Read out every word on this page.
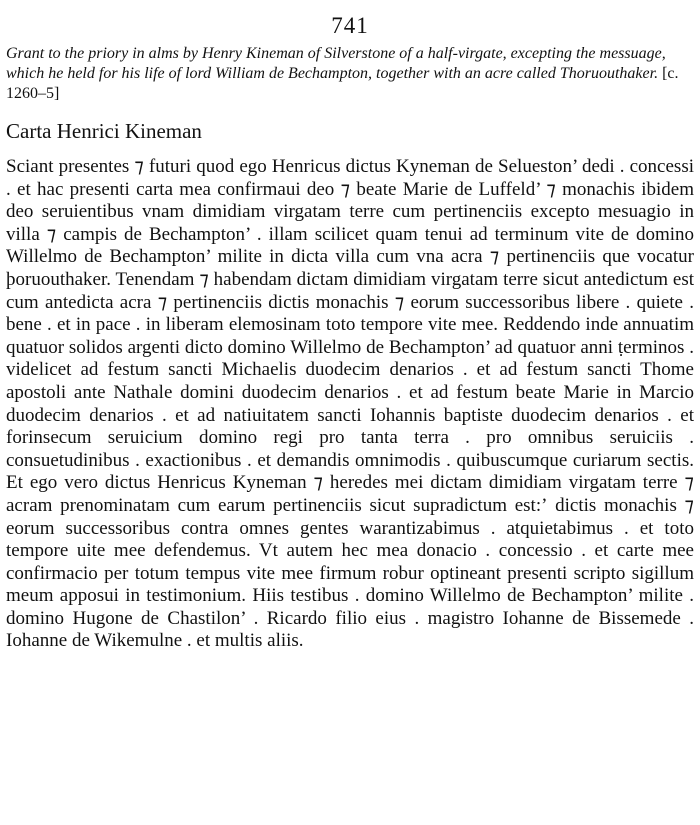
741

Grant to the priory in alms by Henry Kineman of Silverstone of a half-virgate, excepting the messuage, which he held for his life of lord William de Bechampton, together with an acre called Thoruouthaker. [c. 1260–5]

Carta Henrici Kineman

Sciant presentes ⁊ futuri quod ego Henricus dictus Kyneman de Selueston’ dedi . concessi . et hac presenti carta mea confirmaui deo ⁊ beate Marie de Luffeld’ ⁊ monachis ibidem deo seruientibus vnam dimidiam virgatam terre cum pertinenciis excepto mesuagio in villa ⁊ campis de Bechampton’ . illam scilicet quam tenui ad terminum vite de domino Willelmo de Bechampton’ milite in dicta villa cum vna acra ⁊ pertinenciis que vocatur þoruouthaker. Tenendam ⁊ habendam dictam dimidiam virgatam terre sicut antedictum est cum antedicta acra ⁊ pertinenciis dictis monachis ⁊ eorum successoribus libere . quiete . bene . et in pace . in liberam elemosinam toto tempore vite mee. Reddendo inde annuatim quatuor solidos argenti dicto domino Willelmo de Bechampton’ ad quatuor anni ṭerminos . videlicet ad festum sancti Michaelis duodecim denarios . et ad festum sancti Thome apostoli ante Nathale domini duodecim denarios . et ad festum beate Marie in Marcio duodecim denarios . et ad natiuitatem sancti Iohannis baptiste duodecim denarios . et forinsecum seruicium domino regi pro tanta terra . pro omnibus seruiciis . consuetudinibus . exactionibus . et demandis omnimodis . quibuscumque curiarum sectis. Et ego vero dictus Henricus Kyneman ⁊ heredes mei dictam dimidiam virgatam terre ⁊ acram prenominatam cum earum pertinenciis sicut supradictum est:ʼ dictis monachis ⁊ eorum successoribus contra omnes gentes warantizabimus . atquietabimus . et toto tempore uite mee defendemus. Vt autem hec mea donacio . concessio . et carte mee confirmacio per totum tempus vite mee firmum robur optineant presenti scripto sigillum meum apposui in testimonium. Hiis testibus . domino Willelmo de Bechampton’ milite . domino Hugone de Chastilon’ . Ricardo filio eius . magistro Iohanne de Bissemede . Iohanne de Wikemulne . et multis aliis.
